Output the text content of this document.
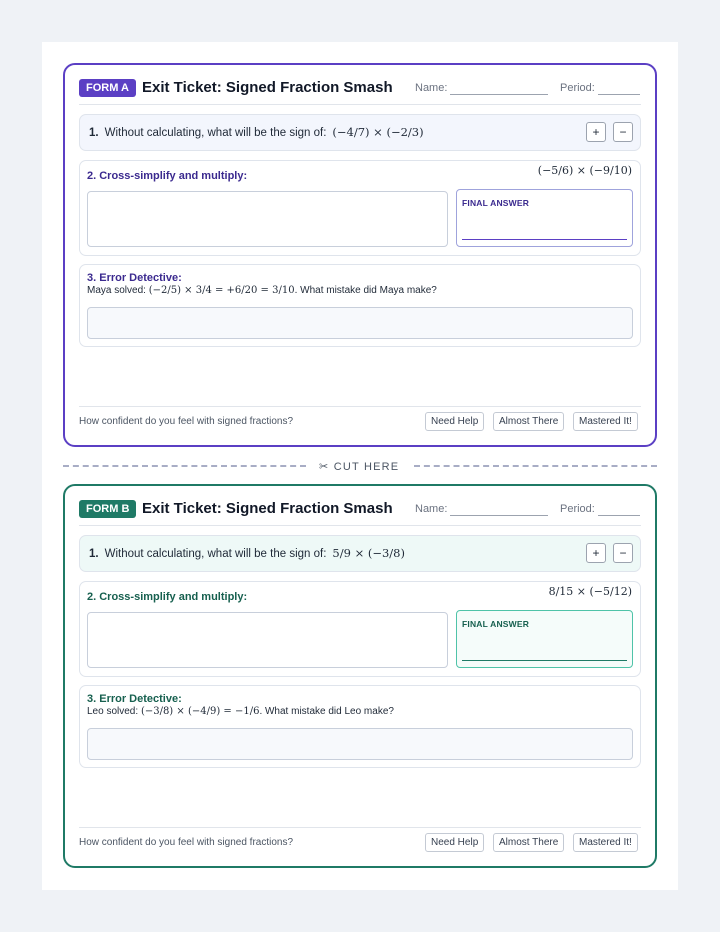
FORM A Exit Ticket: Signed Fraction Smash Name:	Period:
1. Without calculating, what will be the sign of: (−4/7) × (−2/3)	+	−
2. Cross-simplify and multiply:	(−5/6) × (−9/10)
FINAL ANSWER
3. Error Detective:
Maya solved: (−2/5) × 3/4 = +6/20 = 3/10. What mistake did Maya make?
How confident do you feel with signed fractions?	Need Help	Almost There	Mastered It!
✂ CUT HERE
FORM B Exit Ticket: Signed Fraction Smash Name:	Period:
1. Without calculating, what will be the sign of: 5/9 × (−3/8)	+	−
2. Cross-simplify and multiply:	8/15 × (−5/12)
FINAL ANSWER
3. Error Detective:
Leo solved: (−3/8) × (−4/9) = −1/6. What mistake did Leo make?
How confident do you feel with signed fractions?	Need Help	Almost There	Mastered It!
